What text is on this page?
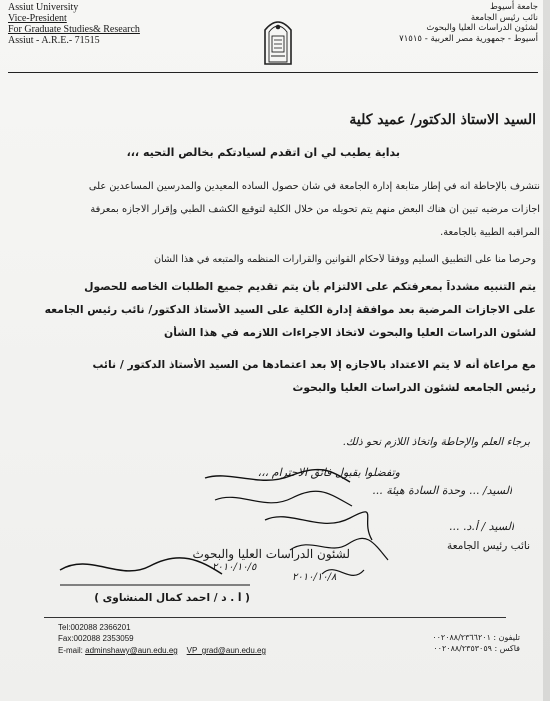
Assiut University
Vice-President
For Graduate Studies& Research
Assiut - A.R.E.- 71515
جامعة أسيوط
نائب رئيس الجامعة
لشئون الدراسات العليا والبحوث
أسيوط - جمهورية مصر العربية - ٧١٥١٥
السيد الاستاذ الدكتور/ عميد كلية
بداية يطيب لي ان اتقدم لسيادتكم بخالص التحيه ،،،
نتشرف بالإحاطة انه في إطار متابعة إدارة الجامعة في شأن حصول الساده المعيدين والمدرسين المساعدين على
اجازات مرضيه تبين أن هناك البعض منهم يتم تحويله من خلال الكلية لتوقيع الكشف الطبي وإقرار الاجازه بمعرفة
المراقبه الطبية بالجامعة.
وحرصاً منا على التطبيق السليم ووفقاً لأحكام القوانين والقرارات المنظمه والمتبعه في هذا الشأن
يتم التنبيه مشدداً بمعرفتكم على الالتزام بأن يتم تقديم جميع الطلبات الخاصه للحصول
على الاجازات المرضية بعد موافقة إدارة الكلية على السيد الأستاذ الدكتور/ نائب رئيس الجامعه
لشئون الدراسات العليا والبحوث لاتخاذ الاجراءات اللازمه في هذا الشأن
مع مراعاة أنه لا يتم الاعتداد بالاجازه إلا بعد اعتمادها من السيد الأستاذ الدكتور / نائب
رئيس الجامعه لشئون الدراسات العليا والبحوث
برجاء العلم والإحاطة واتخاذ اللازم نحو ذلك.
وتفضلوا بقبول فائق الاحترام ،،،
السيد/ ... وحدة السادة هيئة ...
السيد / أ.د. ...
نائب رئيس الجامعة
لشئون الدراسات العليا والبحوث
( أ . د / احمد كمال المنشاوى )
٢٠١٠/١٠/٥
٢٠١٠/١٠/٨
Tel:002088 2366201
Fax:002088 2353059
E-mail: adminshawy@aun.edu.eg VP_grad@aun.edu.eg
تليفون : ٠٠٢٠٨٨/٢٣٦٦٢٠١
فاكس : ٠٠٢٠٨٨/٢٣٥٣٠٥٩
